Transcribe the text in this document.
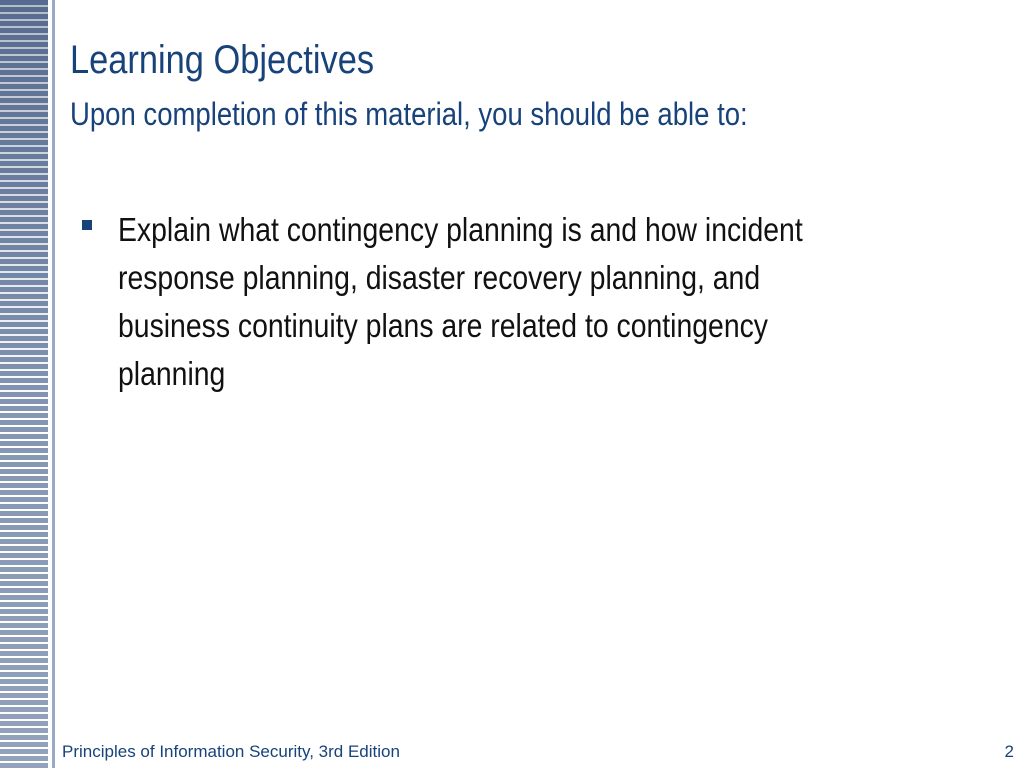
Learning Objectives
Upon completion of this material, you should be able to:
Explain what contingency planning is and how incident response planning, disaster recovery planning, and business continuity plans are related to contingency planning
Principles of Information Security, 3rd Edition	2
